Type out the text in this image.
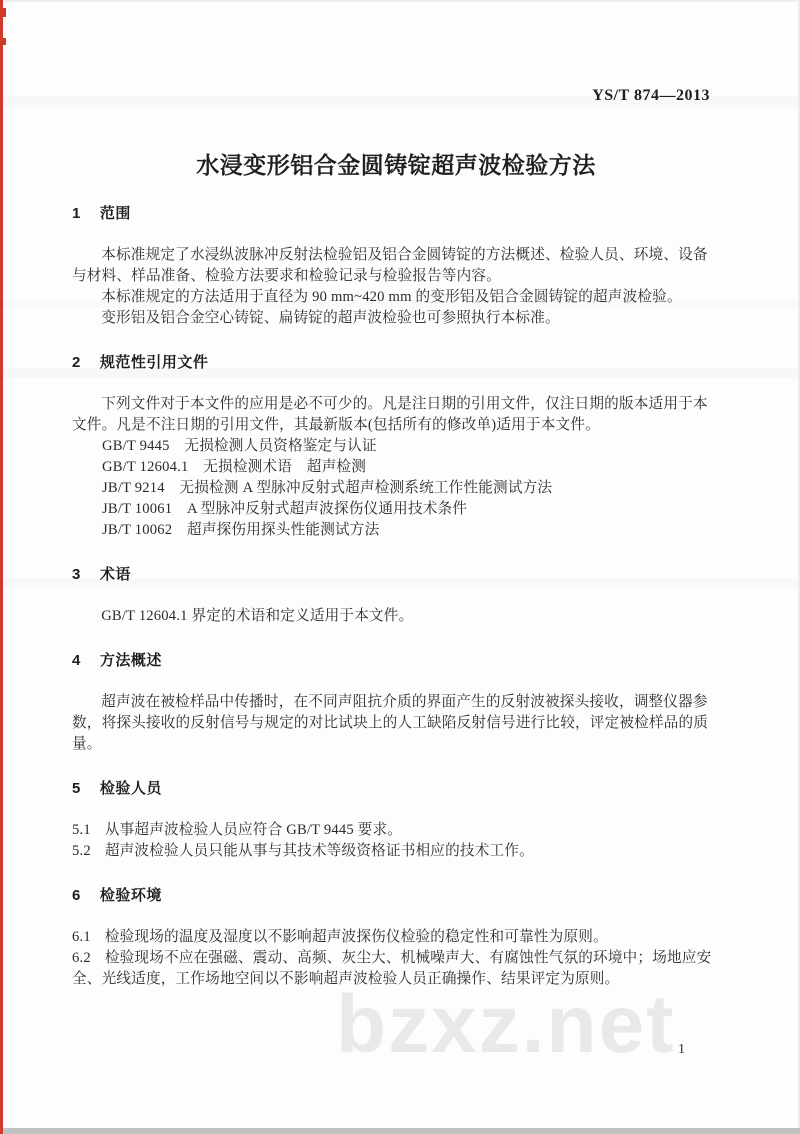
bzxz.net
YS/T 874—2013
水浸变形铝合金圆铸锭超声波检验方法
1 范围

本标准规定了水浸纵波脉冲反射法检验铝及铝合金圆铸锭的方法概述、检验人员、环境、设备与材料、样品准备、检验方法要求和检验记录与检验报告等内容。

本标准规定的方法适用于直径为 90 mm~420 mm 的变形铝及铝合金圆铸锭的超声波检验。

变形铝及铝合金空心铸锭、扁铸锭的超声波检验也可参照执行本标准。

2 规范性引用文件

下列文件对于本文件的应用是必不可少的。凡是注日期的引用文件，仅注日期的版本适用于本文件。凡是不注日期的引用文件，其最新版本(包括所有的修改单)适用于本文件。

GB/T 9445　无损检测人员资格鉴定与认证

GB/T 12604.1　无损检测术语　超声检测

JB/T 9214　无损检测 A 型脉冲反射式超声检测系统工作性能测试方法

JB/T 10061　A 型脉冲反射式超声波探伤仪通用技术条件

JB/T 10062　超声探伤用探头性能测试方法

3 术语

GB/T 12604.1 界定的术语和定义适用于本文件。

4 方法概述

超声波在被检样品中传播时，在不同声阻抗介质的界面产生的反射波被探头接收，调整仪器参数，将探头接收的反射信号与规定的对比试块上的人工缺陷反射信号进行比较，评定被检样品的质量。

5 检验人员

5.1 从事超声波检验人员应符合 GB/T 9445 要求。

5.2 超声波检验人员只能从事与其技术等级资格证书相应的技术工作。

6 检验环境

6.1 检验现场的温度及湿度以不影响超声波探伤仪检验的稳定性和可靠性为原则。

6.2 检验现场不应在强磁、震动、高频、灰尘大、机械噪声大、有腐蚀性气氛的环境中；场地应安全、光线适度，工作场地空间以不影响超声波检验人员正确操作、结果评定为原则。

1
